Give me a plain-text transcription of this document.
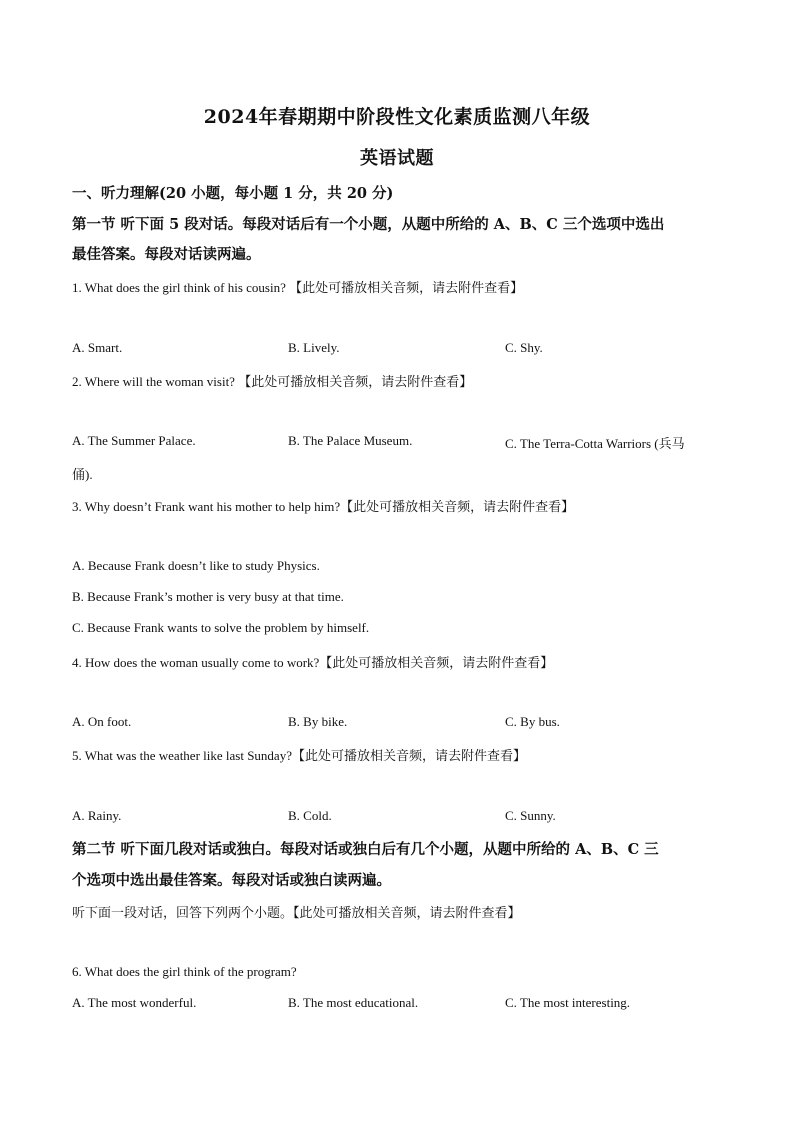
2024年春期期中阶段性文化素质监测八年级
英语试题
一、听力理解(20 小题，每小题 1 分，共 20 分)
第一节 听下面 5 段对话。每段对话后有一个小题，从题中所给的 A、B、C 三个选项中选出
最佳答案。每段对话读两遍。
1. What does the girl think of his cousin? 【此处可播放相关音频，请去附件查看】
A. Smart.	B. Lively.	C. Shy.
2. Where will the woman visit? 【此处可播放相关音频，请去附件查看】
A. The Summer Palace.	B. The Palace Museum.	C. The Terra-Cotta Warriors (兵马
俑).
3. Why doesn’t Frank want his mother to help him?【此处可播放相关音频，请去附件查看】
A. Because Frank doesn’t like to study Physics.
B. Because Frank’s mother is very busy at that time.
C. Because Frank wants to solve the problem by himself.
4. How does the woman usually come to work?【此处可播放相关音频，请去附件查看】
A. On foot.	B. By bike.	C. By bus.
5. What was the weather like last Sunday?【此处可播放相关音频，请去附件查看】
A. Rainy.	B. Cold.	C. Sunny.
第二节 听下面几段对话或独白。每段对话或独白后有几个小题，从题中所给的 A、B、C 三
个选项中选出最佳答案。每段对话或独白读两遍。
听下面一段对话，回答下列两个小题。【此处可播放相关音频，请去附件查看】
6. What does the girl think of the program?
A. The most wonderful.	B. The most educational.	C. The most interesting.
